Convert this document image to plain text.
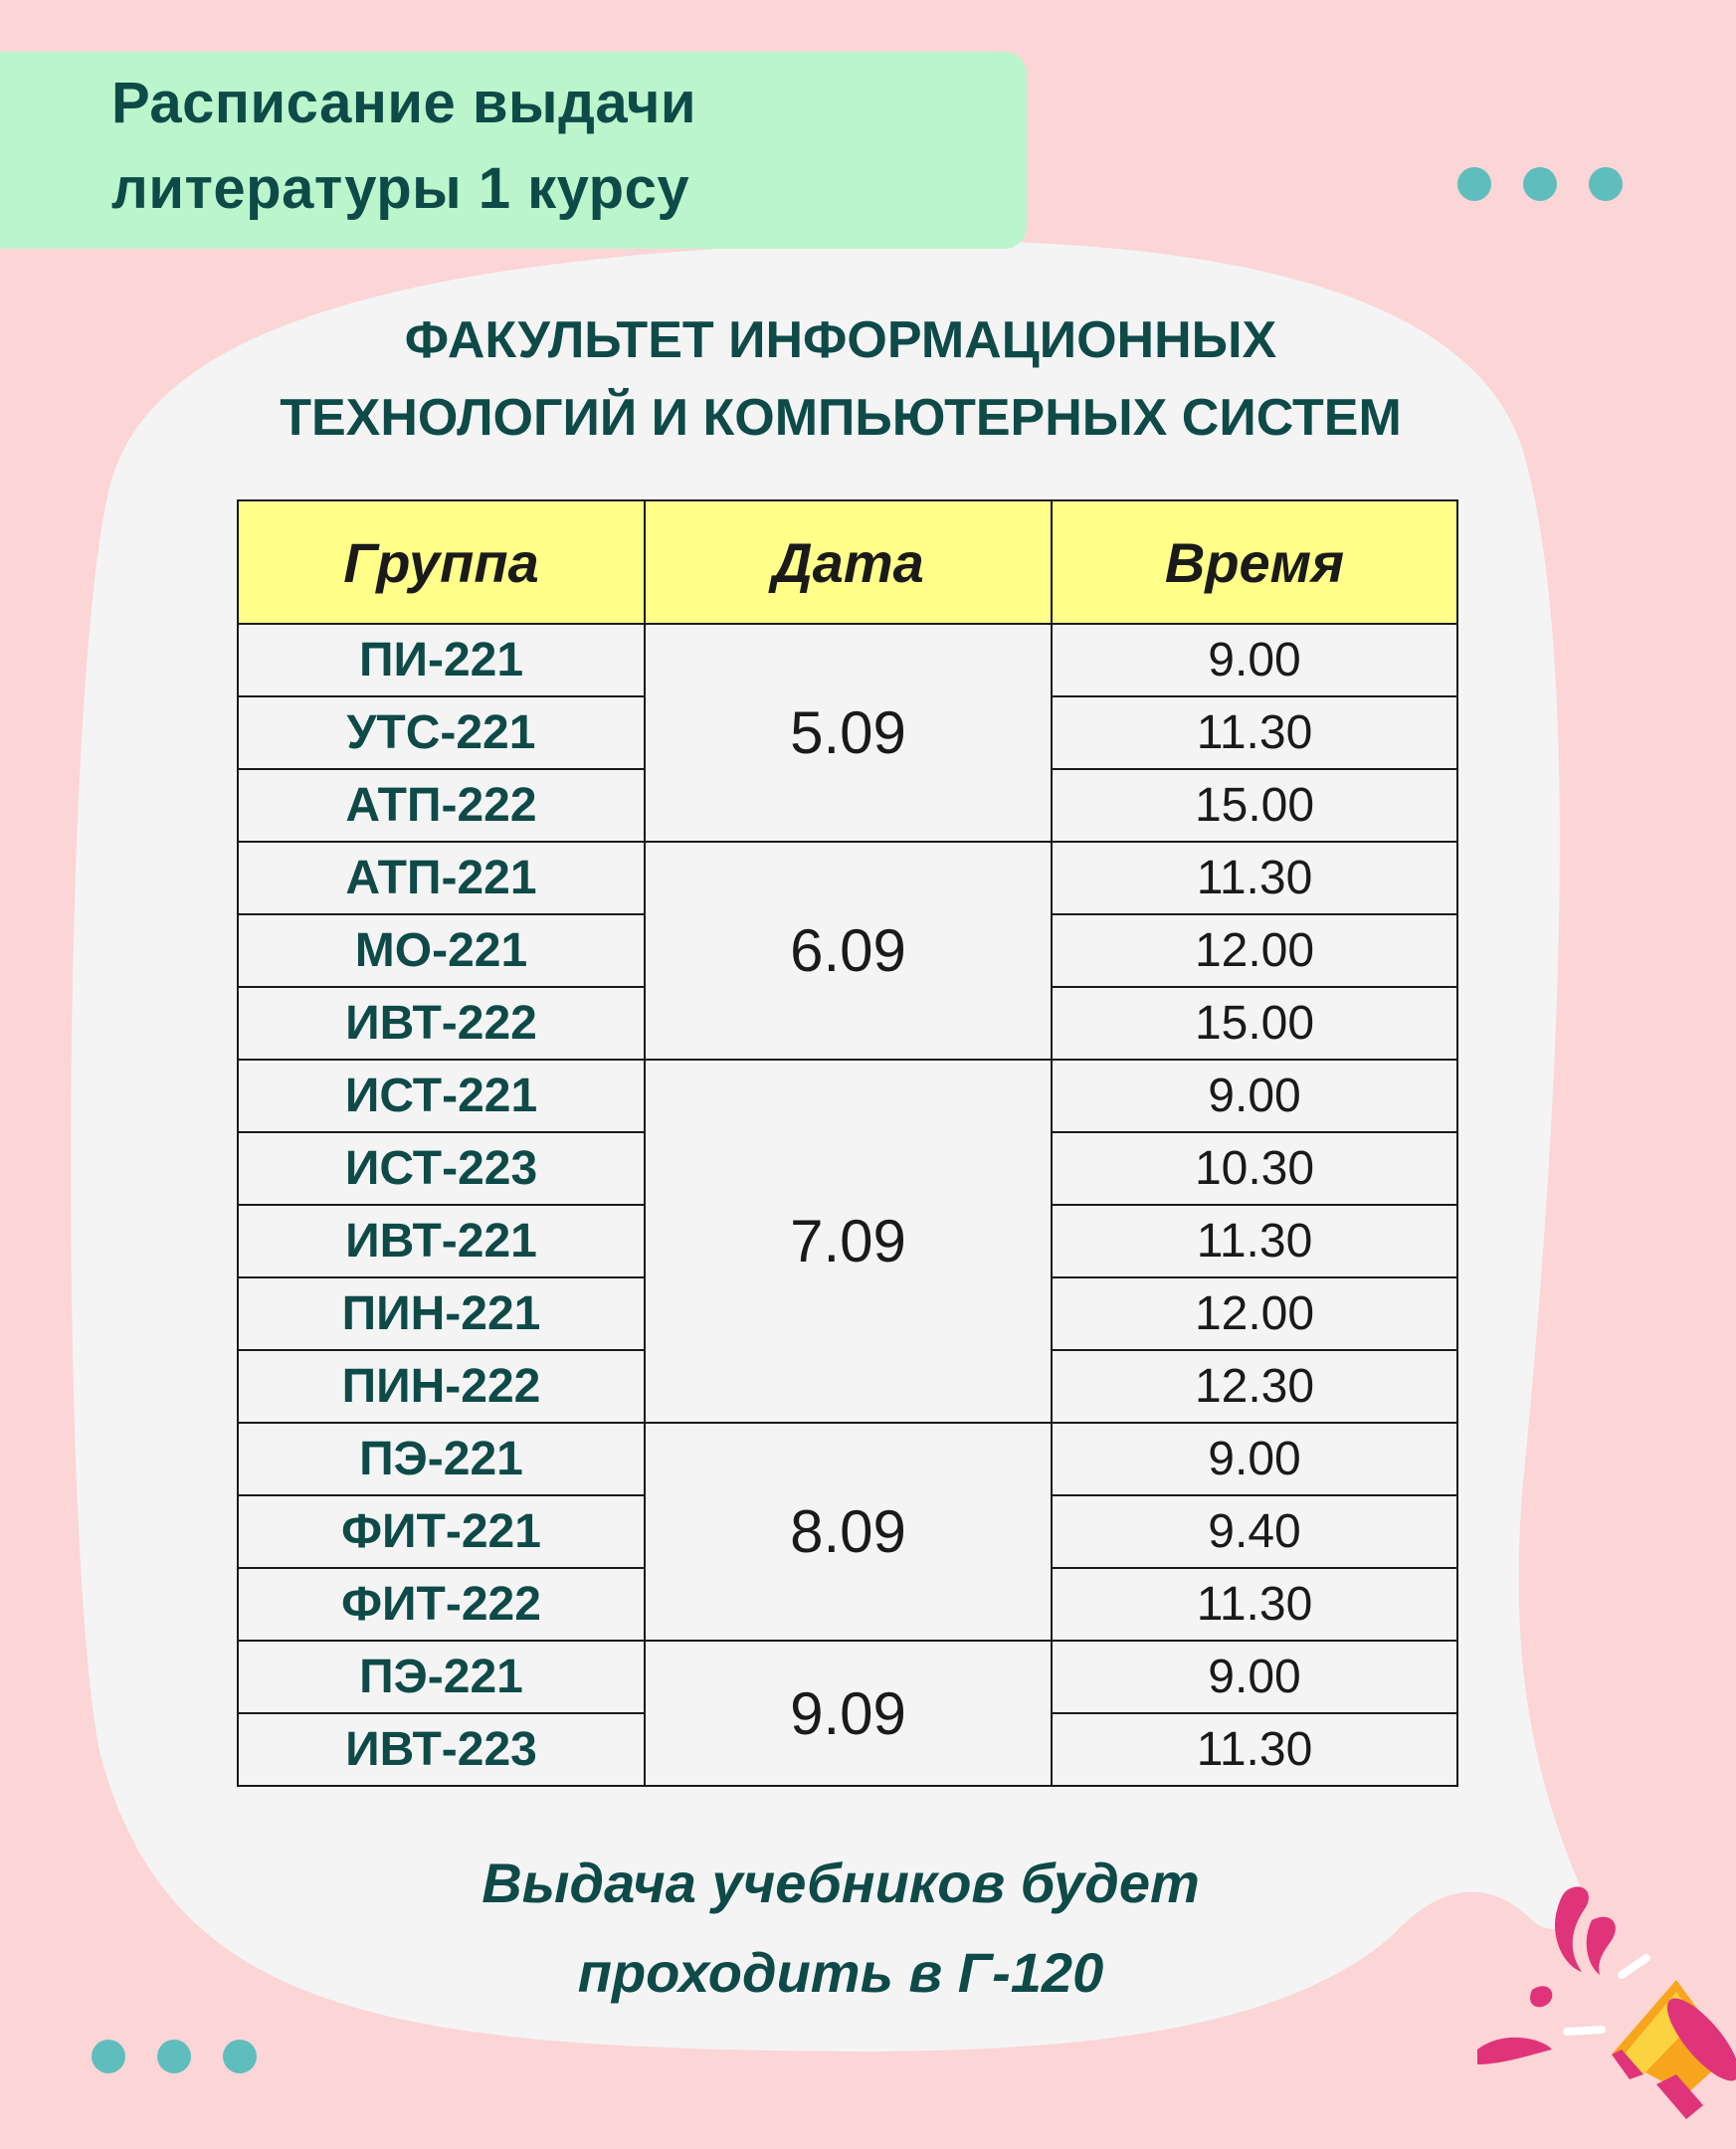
Расписание выдачи
литературы 1 курсу
ФАКУЛЬТЕТ ИНФОРМАЦИОННЫХ
ТЕХНОЛОГИЙ И КОМПЬЮТЕРНЫХ СИСТЕМ
Группа	Дата	Время
ПИ-221	5.09	9.00
УТС-221		11.30
АТП-222		15.00
АТП-221	6.09	11.30
МО-221		12.00
ИВТ-222		15.00
ИСТ-221	7.09	9.00
ИСТ-223		10.30
ИВТ-221		11.30
ПИН-221		12.00
ПИН-222		12.30
ПЭ-221	8.09	9.00
ФИТ-221		9.40
ФИТ-222		11.30
ПЭ-221	9.09	9.00
ИВТ-223		11.30
Выдача учебников будет
проходить в Г-120
